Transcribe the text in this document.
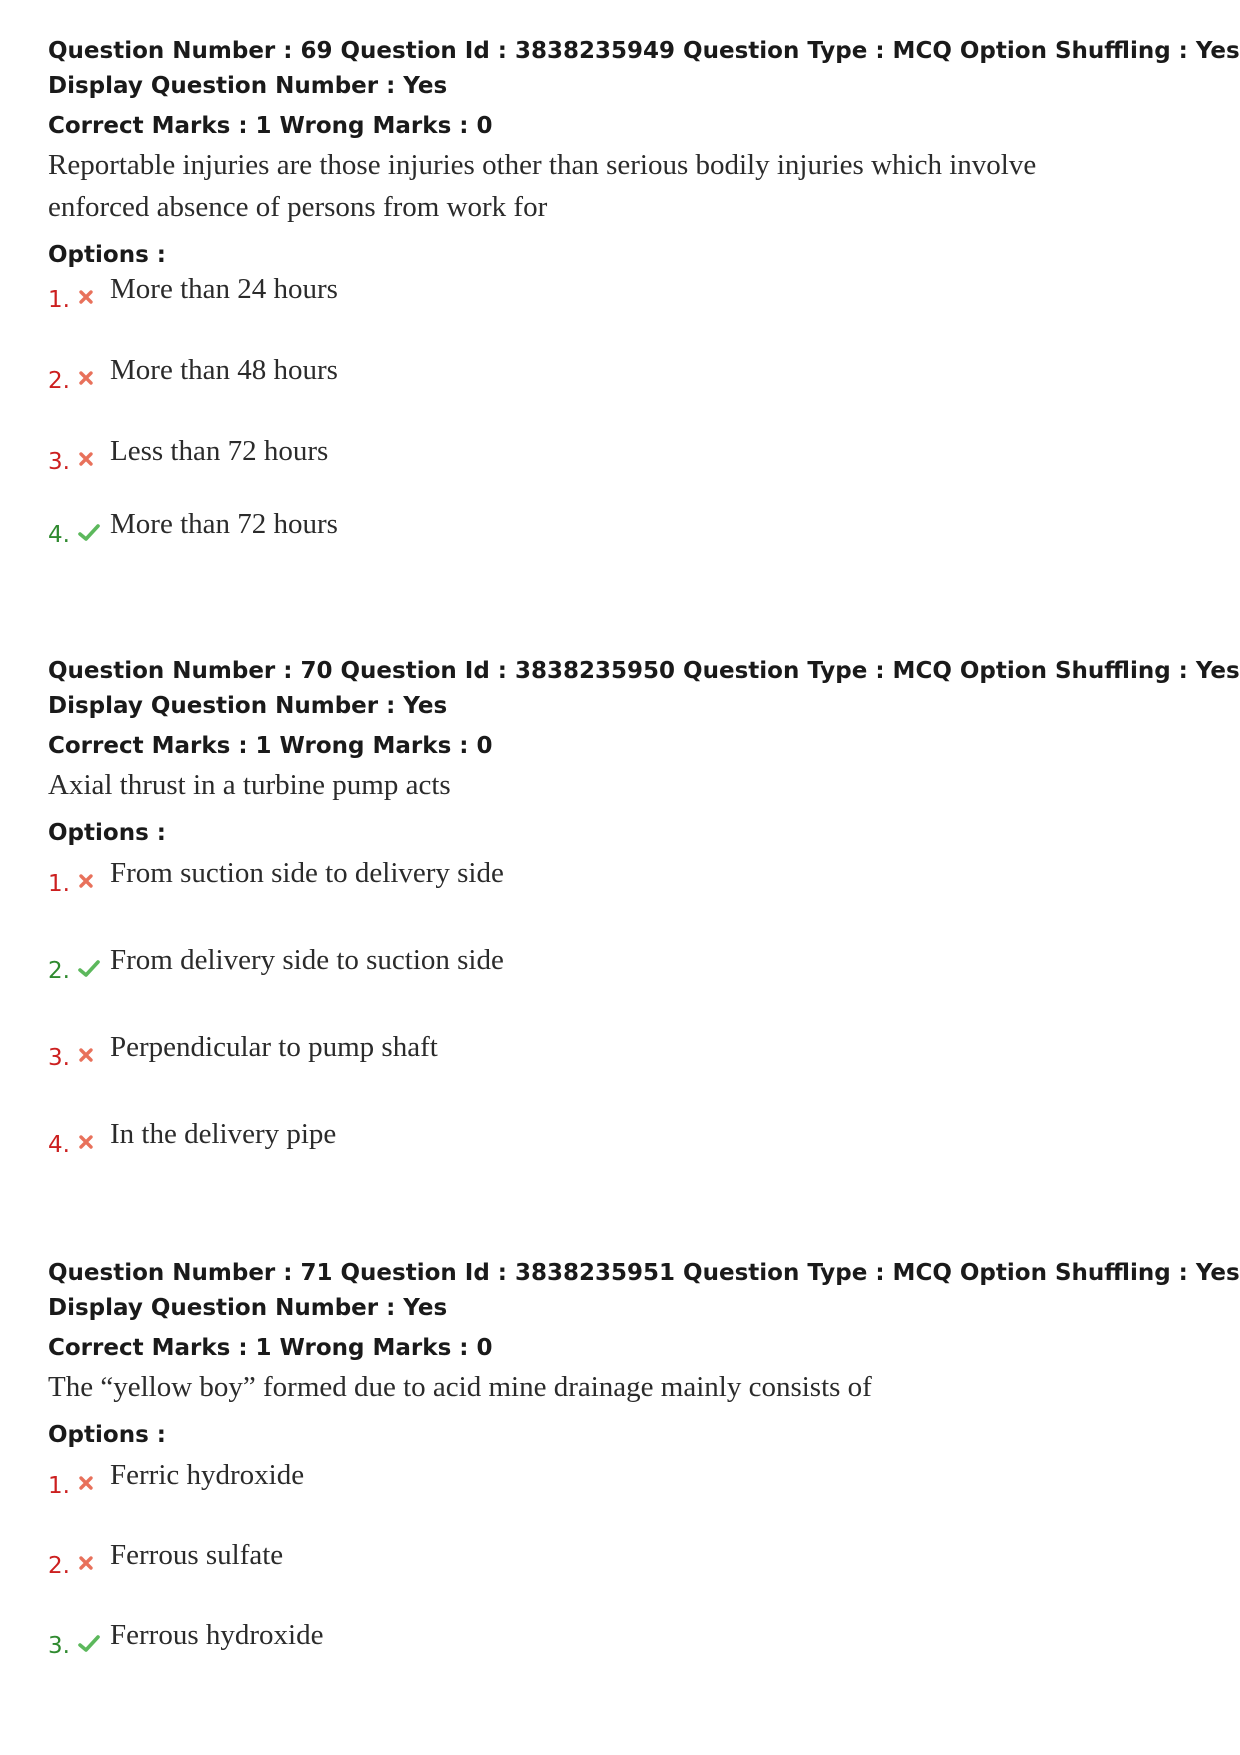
Question Number : 69 Question Id : 3838235949 Question Type : MCQ Option Shuffling : Yes
Display Question Number : Yes
Correct Marks : 1 Wrong Marks : 0
Reportable injuries are those injuries other than serious bodily injuries which involve
enforced absence of persons from work for
Options :
1. More than 24 hours
2. More than 48 hours
3. Less than 72 hours
4. More than 72 hours
Question Number : 70 Question Id : 3838235950 Question Type : MCQ Option Shuffling : Yes
Display Question Number : Yes
Correct Marks : 1 Wrong Marks : 0
Axial thrust in a turbine pump acts
Options :
1. From suction side to delivery side
2. From delivery side to suction side
3. Perpendicular to pump shaft
4. In the delivery pipe
Question Number : 71 Question Id : 3838235951 Question Type : MCQ Option Shuffling : Yes
Display Question Number : Yes
Correct Marks : 1 Wrong Marks : 0
The “yellow boy” formed due to acid mine drainage mainly consists of
Options :
1. Ferric hydroxide
2. Ferrous sulfate
3. Ferrous hydroxide
